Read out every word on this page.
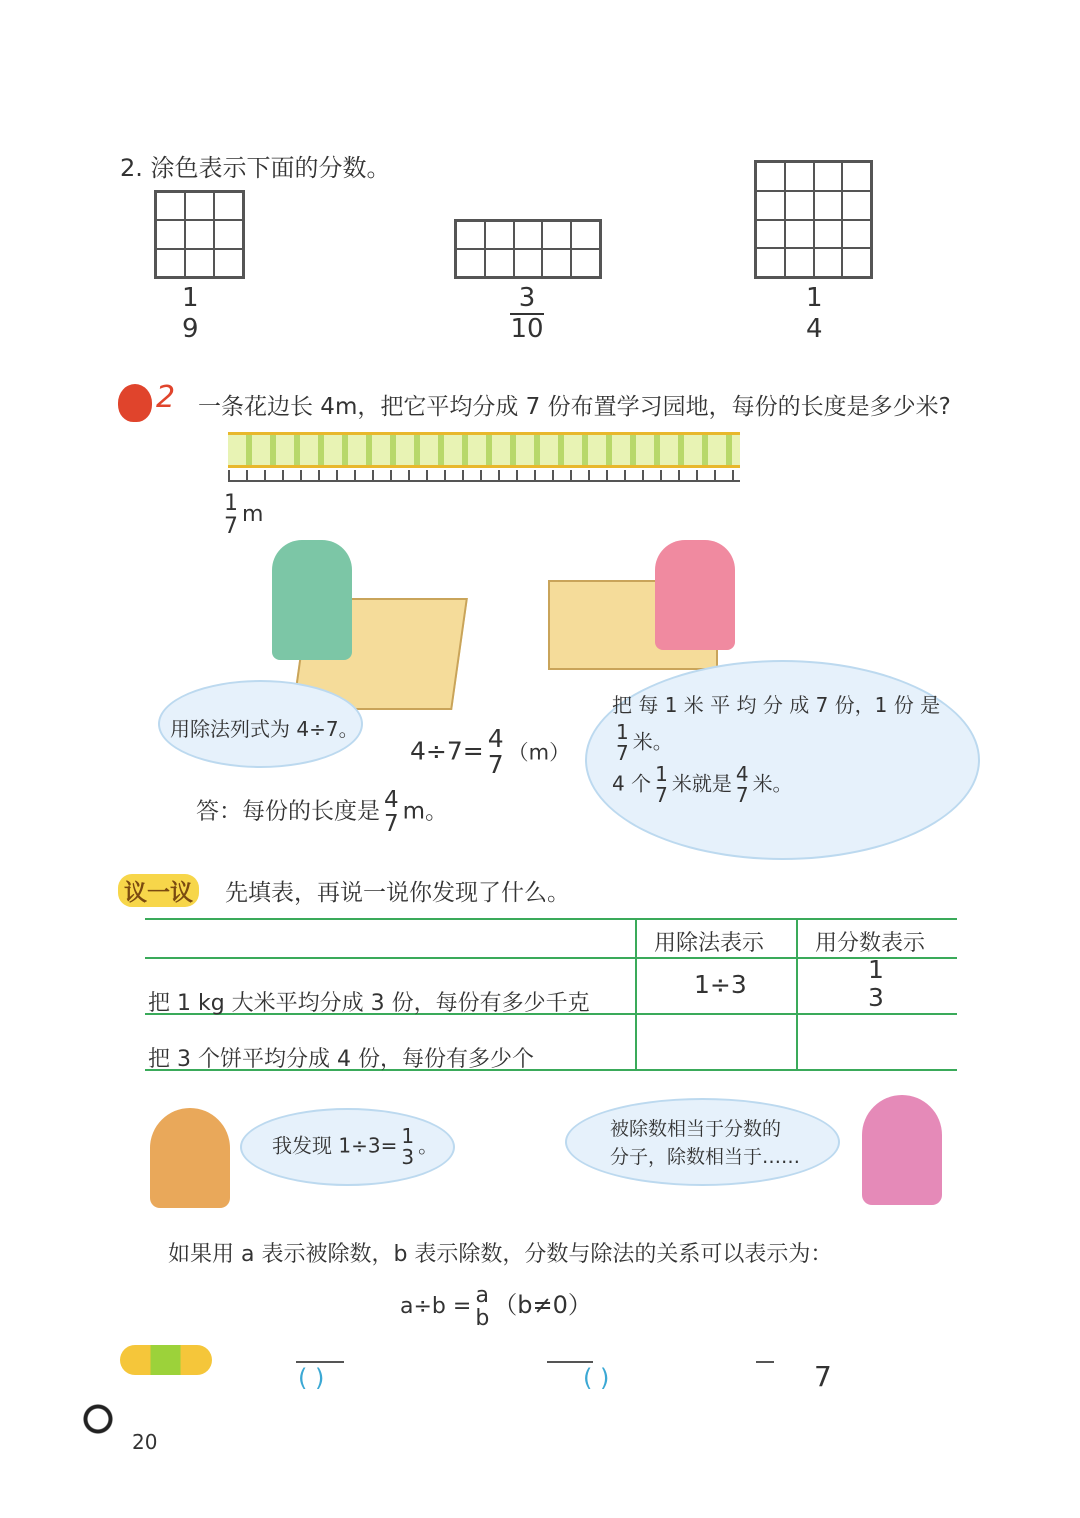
2. 涂色表示下面的分数。
1
9
3
10
1
4
2 一条花边长 4m，把它平均分成 7 份布置学习园地，每份的长度是多少米?
1
7 m
用除法列式为 4÷7。
4÷7= 4
7 （m）
把 每 1 米 平 均 分 成 7 份，1 份 是
1
7 米。
4 个 1
7 米就是 4
7 米。
答：每份的长度是 4
7 m。
议一议 先填表，再说一说你发现了什么。
用除法表示 用分数表示
把 1 kg 大米平均分成 3 份，每份有多少千克
1÷3
1
3
把 3 个饼平均分成 4 份，每份有多少个
我发现 1÷3= 1
3 。
被除数相当于分数的
分子，除数相当于……
如果用 a 表示被除数，b 表示除数，分数与除法的关系可以表示为：
a÷b = a
b （b≠0）
( )	( )	7
20
